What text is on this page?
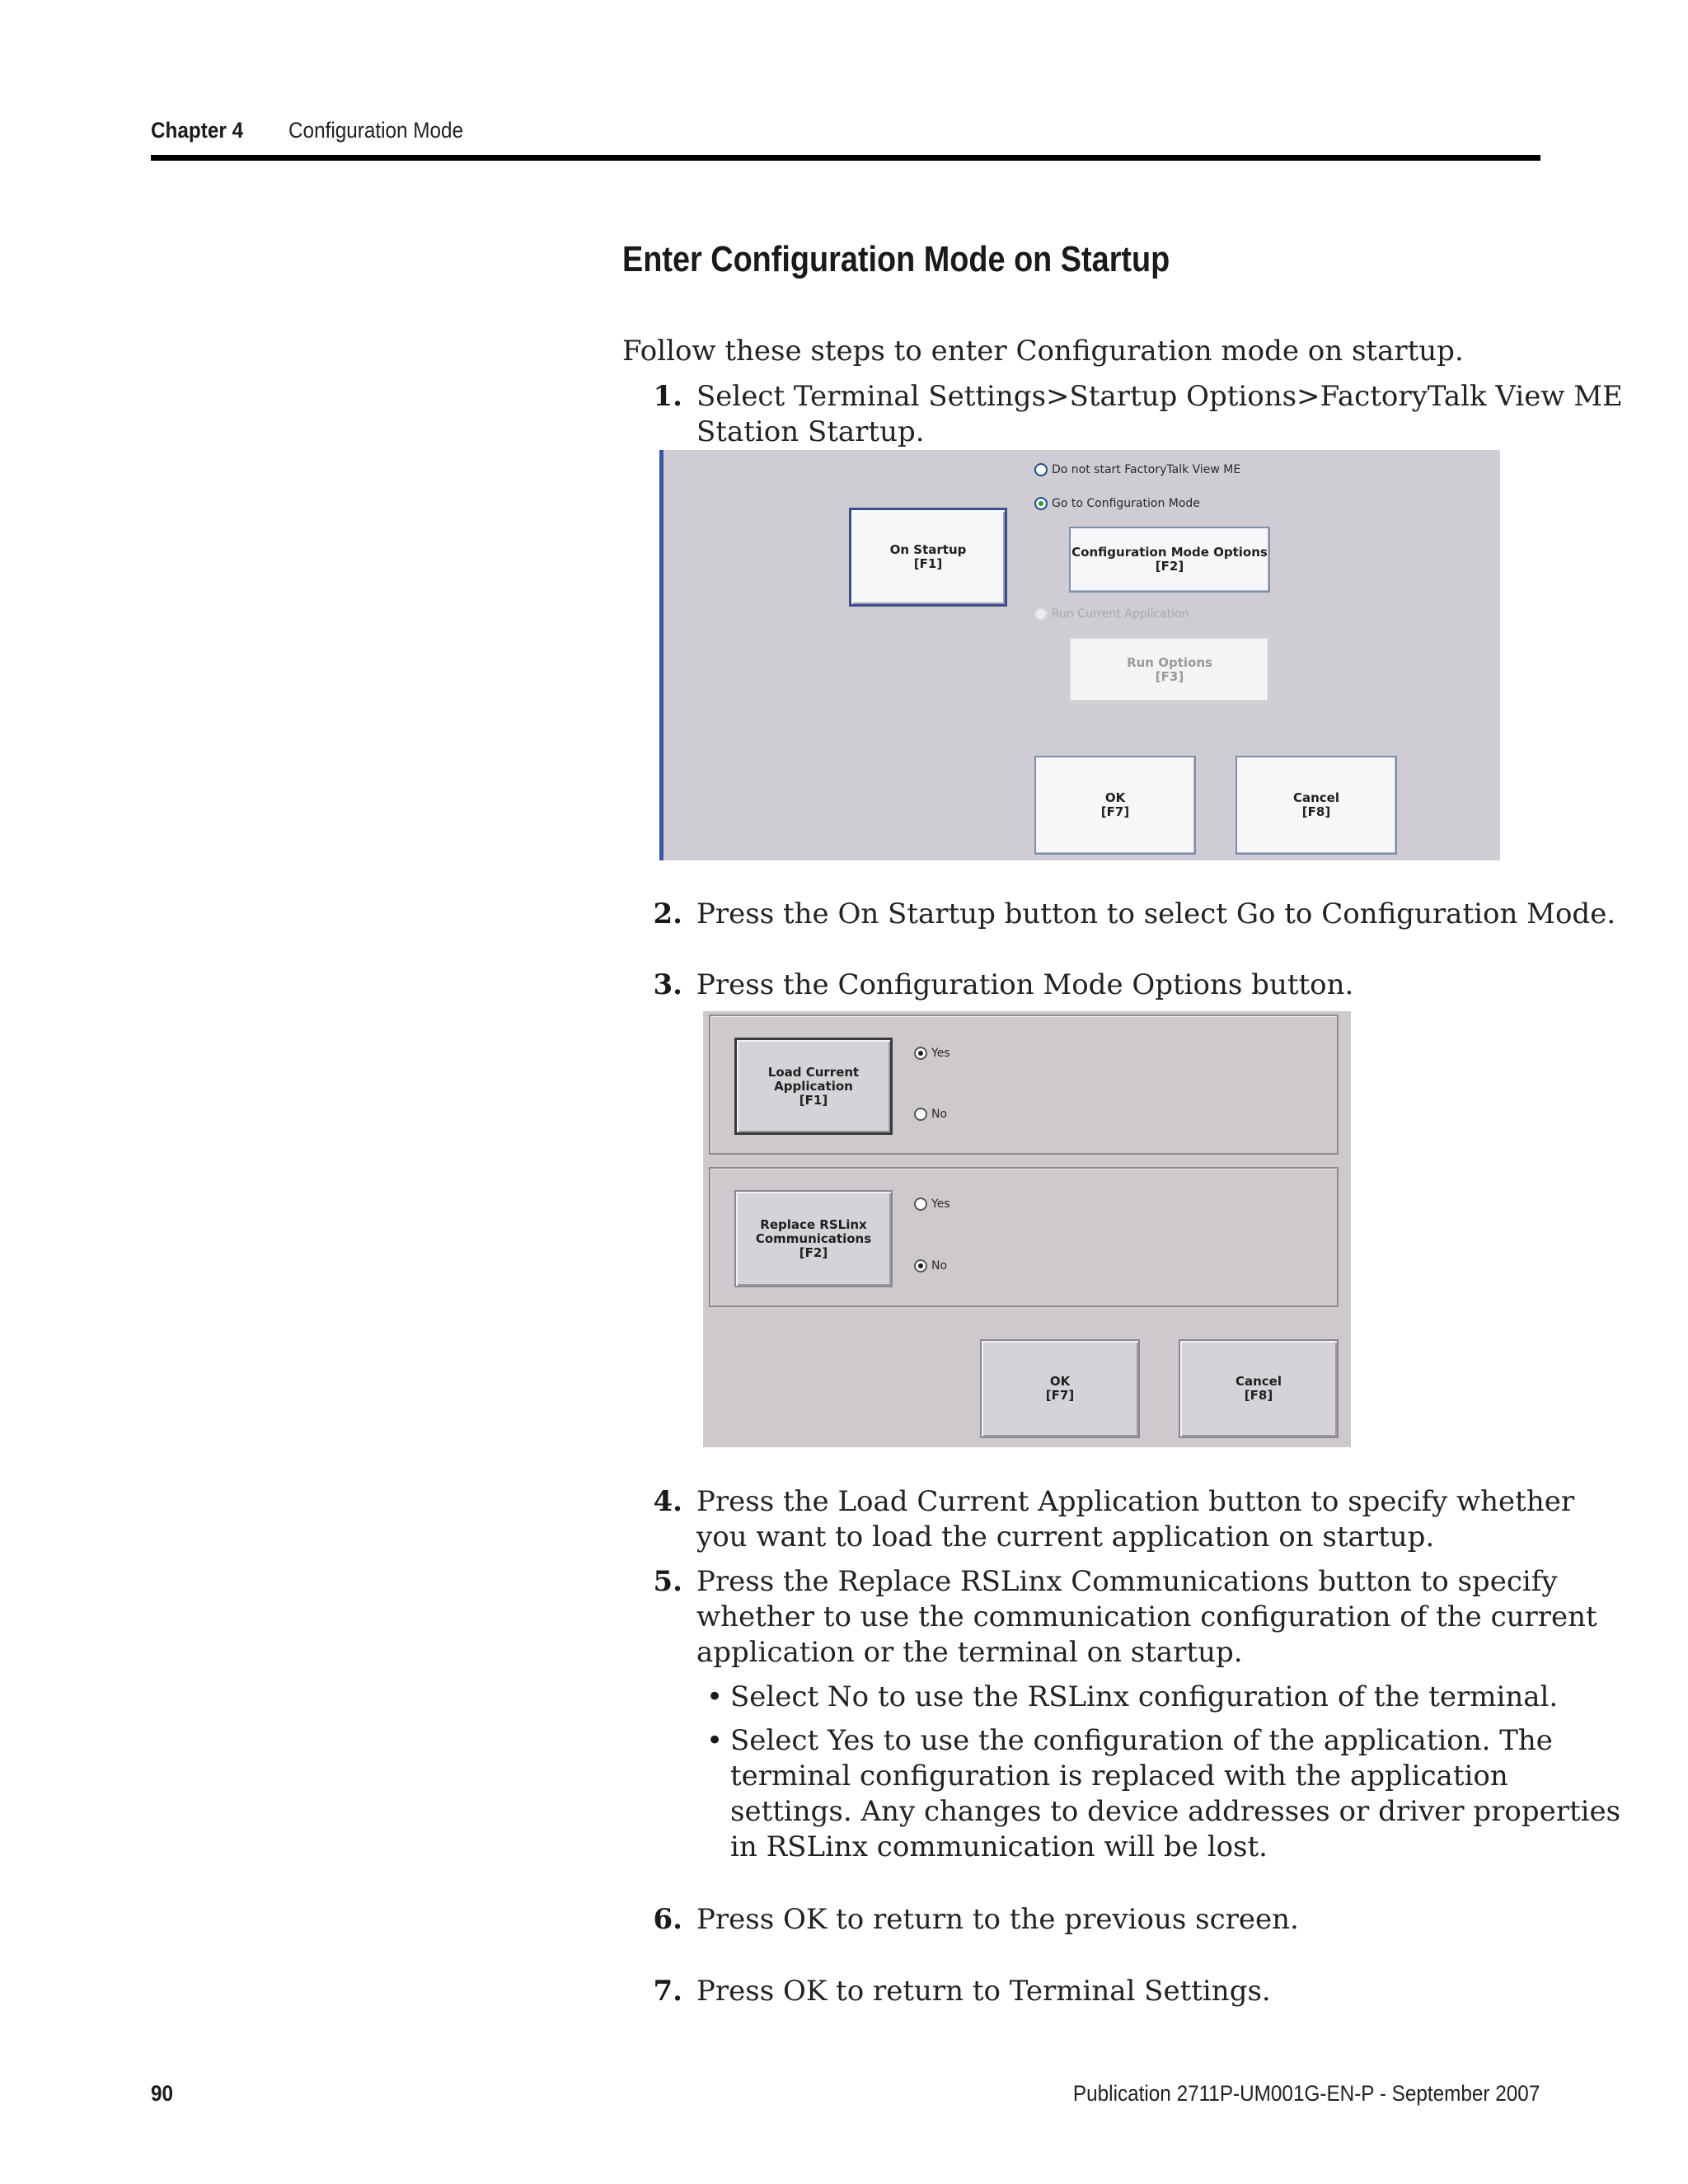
Chapter 4 Configuration Mode
Enter Configuration Mode on Startup
Follow these steps to enter Configuration mode on startup.
1. Select Terminal Settings>Startup Options>FactoryTalk View ME
Station Startup.
Do not start FactoryTalk View ME
Go to Configuration Mode
On Startup
[F1]
Configuration Mode Options
[F2]
Run Current Application
Run Options
[F3]
OK
[F7]
Cancel
[F8]
2. Press the On Startup button to select Go to Configuration Mode.
3. Press the Configuration Mode Options button.
Load Current
Application
[F1]
Yes
No
Replace RSLinx
Communications
[F2]
Yes
No
OK
[F7]
Cancel
[F8]
4. Press the Load Current Application button to specify whether
you want to load the current application on startup.
5. Press the Replace RSLinx Communications button to specify
whether to use the communication configuration of the current
application or the terminal on startup.
• Select No to use the RSLinx configuration of the terminal.
• Select Yes to use the configuration of the application. The
terminal configuration is replaced with the application
settings. Any changes to device addresses or driver properties
in RSLinx communication will be lost.
6. Press OK to return to the previous screen.
7. Press OK to return to Terminal Settings.
90	Publication 2711P-UM001G-EN-P - September 2007
